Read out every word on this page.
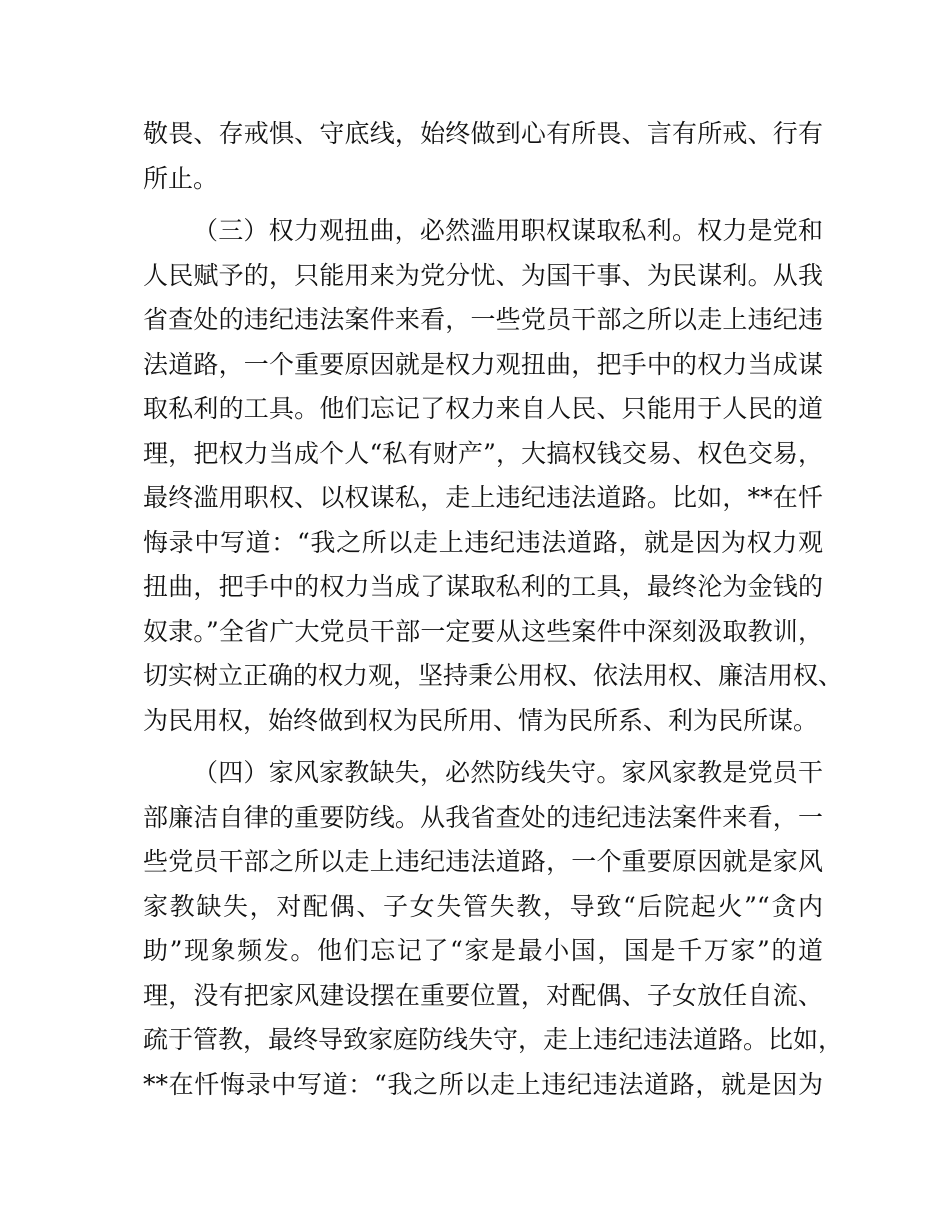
敬畏、存戒惧、守底线，始终做到心有所畏、言有所戒、行有
所止。
（三）权力观扭曲，必然滥用职权谋取私利。权力是党和
人民赋予的，只能用来为党分忧、为国干事、为民谋利。从我
省查处的违纪违法案件来看，一些党员干部之所以走上违纪违
法道路，一个重要原因就是权力观扭曲，把手中的权力当成谋
取私利的工具。他们忘记了权力来自人民、只能用于人民的道
理，把权力当成个人“私有财产”，大搞权钱交易、权色交易，
最终滥用职权、以权谋私，走上违纪违法道路。比如，**在忏
悔录中写道：“我之所以走上违纪违法道路，就是因为权力观
扭曲，把手中的权力当成了谋取私利的工具，最终沦为金钱的
奴隶。”全省广大党员干部一定要从这些案件中深刻汲取教训，
切实树立正确的权力观，坚持秉公用权、依法用权、廉洁用权、
为民用权，始终做到权为民所用、情为民所系、利为民所谋。
（四）家风家教缺失，必然防线失守。家风家教是党员干
部廉洁自律的重要防线。从我省查处的违纪违法案件来看，一
些党员干部之所以走上违纪违法道路，一个重要原因就是家风
家教缺失，对配偶、子女失管失教，导致“后院起火”“贪内
助”现象频发。他们忘记了“家是最小国，国是千万家”的道
理，没有把家风建设摆在重要位置，对配偶、子女放任自流、
疏于管教，最终导致家庭防线失守，走上违纪违法道路。比如，
**在忏悔录中写道：“我之所以走上违纪违法道路，就是因为
